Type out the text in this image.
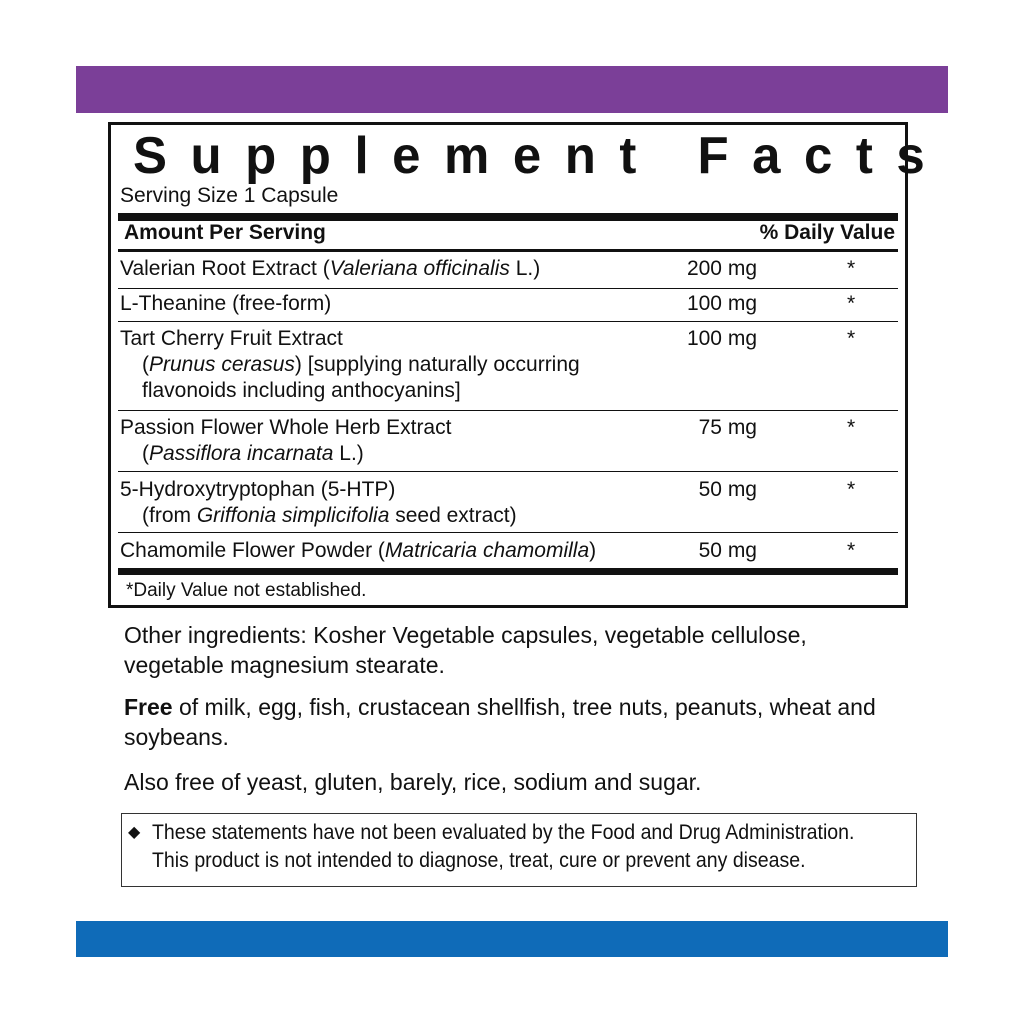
Supplement Facts
Serving Size 1 Capsule
Amount Per Serving	% Daily Value
Valerian Root Extract (Valeriana officinalis L.)	200 mg	*
L-Theanine (free-form)	100 mg	*
Tart Cherry Fruit Extract
(Prunus cerasus) [supplying naturally occurring
flavonoids including anthocyanins]
100 mg	*
Passion Flower Whole Herb Extract
(Passiflora incarnata L.)
75 mg	*
5-Hydroxytryptophan (5-HTP)
(from Griffonia simplicifolia seed extract)
50 mg	*
Chamomile Flower Powder (Matricaria chamomilla)	50 mg	*
*Daily Value not established.
Other ingredients: Kosher Vegetable capsules, vegetable cellulose, vegetable magnesium stearate.
Free of milk, egg, fish, crustacean shellfish, tree nuts, peanuts, wheat and soybeans.
Also free of yeast, gluten, barely, rice, sodium and sugar.
◆ These statements have not been evaluated by the Food and Drug Administration.
This product is not intended to diagnose, treat, cure or prevent any disease.
